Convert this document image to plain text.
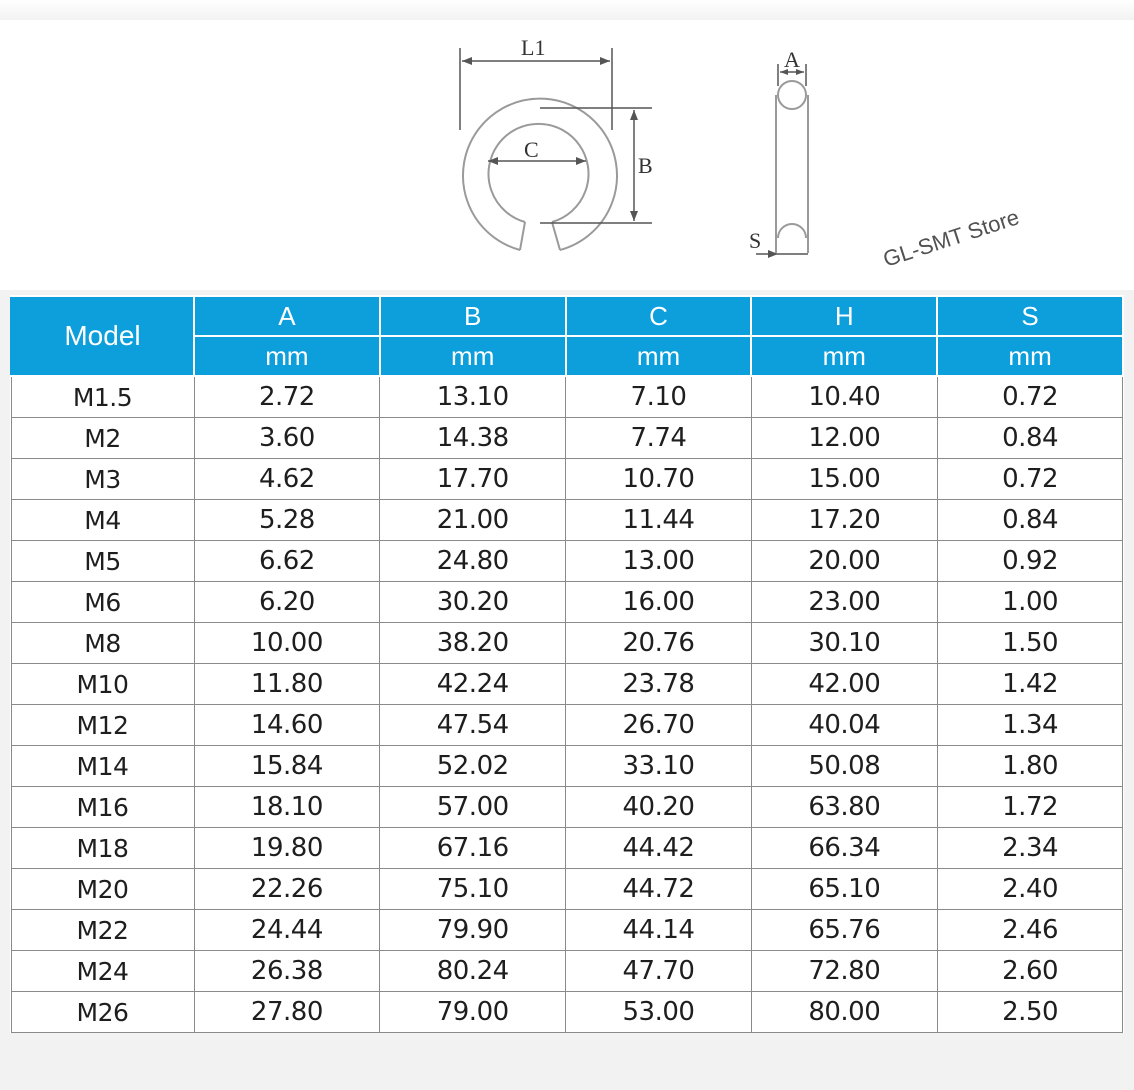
L1
C
B
A
S
Model	A	B	C	H	S
	mm	mm	mm	mm	mm
M1.5	2.72	13.10	7.10	10.40	0.72
M2	3.60	14.38	7.74	12.00	0.84
M3	4.62	17.70	10.70	15.00	0.72
M4	5.28	21.00	11.44	17.20	0.84
M5	6.62	24.80	13.00	20.00	0.92
M6	6.20	30.20	16.00	23.00	1.00
M8	10.00	38.20	20.76	30.10	1.50
M10	11.80	42.24	23.78	42.00	1.42
M12	14.60	47.54	26.70	40.04	1.34
M14	15.84	52.02	33.10	50.08	1.80
M16	18.10	57.00	40.20	63.80	1.72
M18	19.80	67.16	44.42	66.34	2.34
M20	22.26	75.10	44.72	65.10	2.40
M22	24.44	79.90	44.14	65.76	2.46
M24	26.38	80.24	47.70	72.80	2.60
M26	27.80	79.00	53.00	80.00	2.50
GL-SMT Store
